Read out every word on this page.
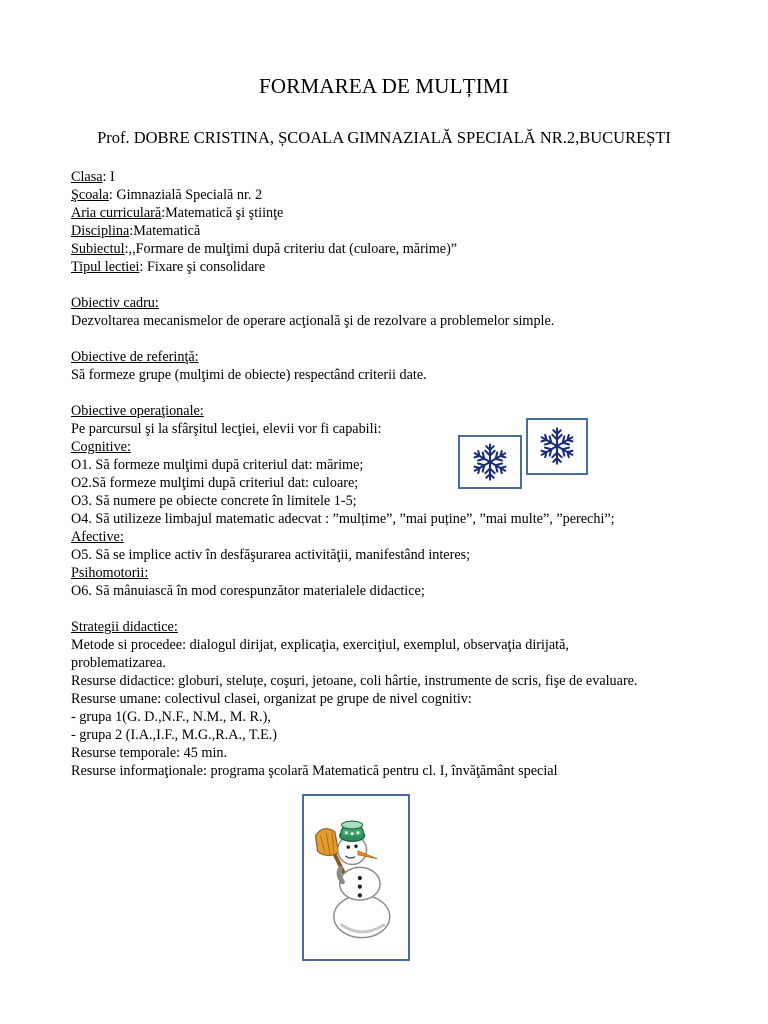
FORMAREA DE MULȚIMI
Prof. DOBRE CRISTINA, ȘCOALA GIMNAZIALĂ SPECIALĂ NR.2,BUCUREȘTI
Clasa: I
Şcoala: Gimnazială Specială nr. 2
Aria curriculară:Matematică şi ştiinţe
Disciplina:Matematică
Subiectul:,,Formare de mulţimi după criteriu dat (culoare, mărime)”
Tipul lectiei: Fixare şi consolidare
Obiectiv cadru:
Dezvoltarea mecanismelor de operare acţională şi de rezolvare a problemelor simple.
Obiective de referinţă:
Să formeze grupe (mulţimi de obiecte) respectând criterii date.
Obiective operaţionale:
Pe parcursul şi la sfârşitul lecţiei, elevii vor fi capabili:
Cognitive:
O1. Să formeze mulţimi după criteriul dat: mărime;
O2.Să formeze mulţimi după criteriul dat: culoare;
O3. Să numere pe obiecte concrete în limitele 1-5;
O4. Să utilizeze limbajul matematic adecvat : ”mulțime”, ”mai puține”, ”mai multe”, ”perechi”;
Afective:
O5. Să se implice activ în desfăşurarea activităţii, manifestând interes;
Psihomotorii:
O6. Să mânuiască în mod corespunzător materialele didactice;
Strategii didactice:
Metode si procedee: dialogul dirijat, explicaţia, exerciţiul, exemplul, observaţia dirijată, problematizarea.
Resurse didactice: globuri, steluțe, coşuri, jetoane, coli hârtie, instrumente de scris, fişe de evaluare.
Resurse umane: colectivul clasei, organizat pe grupe de nivel cognitiv:
- grupa 1(G. D.,N.F., N.M., M. R.),
- grupa 2 (I.A.,I.F., M.G.,R.A., T.E.)
Resurse temporale: 45 min.
Resurse informaţionale: programa şcolară Matematică pentru cl. I, învăţământ special
